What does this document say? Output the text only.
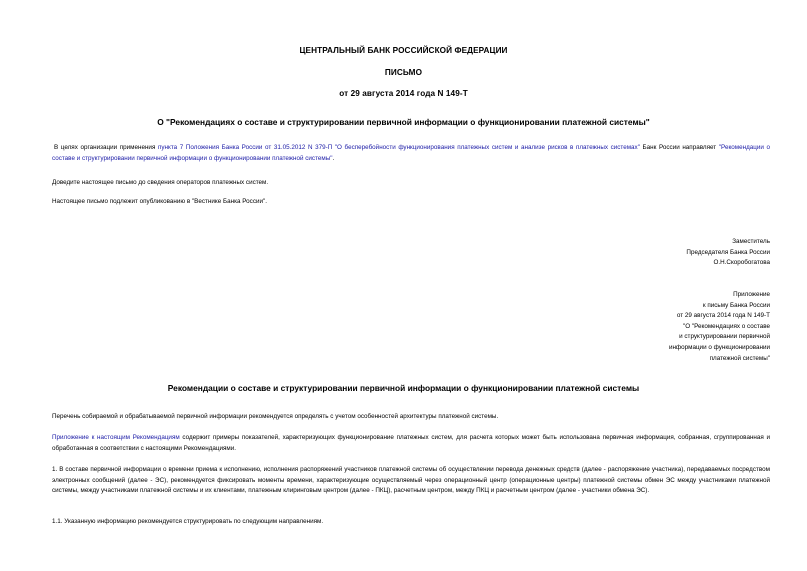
ЦЕНТРАЛЬНЫЙ БАНК РОССИЙСКОЙ ФЕДЕРАЦИИ
ПИСЬМО
от 29 августа 2014 года N 149-Т
О "Рекомендациях о составе и структурировании первичной информации о функционировании платежной системы"
В целях организации применения пункта 7 Положения Банка России от 31.05.2012 N 379-П "О бесперебойности функционирования платежных систем и анализе рисков в платежных системах" Банк России направляет "Рекомендации о составе и структурировании первичной информации о функционировании платежной системы".
Доведите настоящее письмо до сведения операторов платежных систем.
Настоящее письмо подлежит опубликованию в "Вестнике Банка России".
Заместитель
Председателя Банка России
О.Н.Скоробогатова
Приложение
к письму Банка России
от 29 августа 2014 года N 149-Т
"О "Рекомендациях о составе
и структурировании первичной
информации о функционировании
платежной системы"
Рекомендации о составе и структурировании первичной информации о функционировании платежной системы
Перечень собираемой и обрабатываемой первичной информации рекомендуется определять с учетом особенностей архитектуры платежной системы.
Приложение к настоящим Рекомендациям содержит примеры показателей, характеризующих функционирование платежных систем, для расчета которых может быть использована первичная информация, собранная, сгруппированная и обработанная в соответствии с настоящими Рекомендациями.
1. В составе первичной информации о времени приема к исполнению, исполнения распоряжений участников платежной системы об осуществлении перевода денежных средств (далее - распоряжение участника), передаваемых посредством электронных сообщений (далее - ЭС), рекомендуется фиксировать моменты времени, характеризующие осуществляемый через операционный центр (операционные центры) платежной системы обмен ЭС между участниками платежной системы, между участниками платежной системы и их клиентами, платежным клиринговым центром (далее - ПКЦ), расчетным центром, между ПКЦ и расчетным центром (далее - участники обмена ЭС).
1.1. Указанную информацию рекомендуется структурировать по следующим направлениям.
